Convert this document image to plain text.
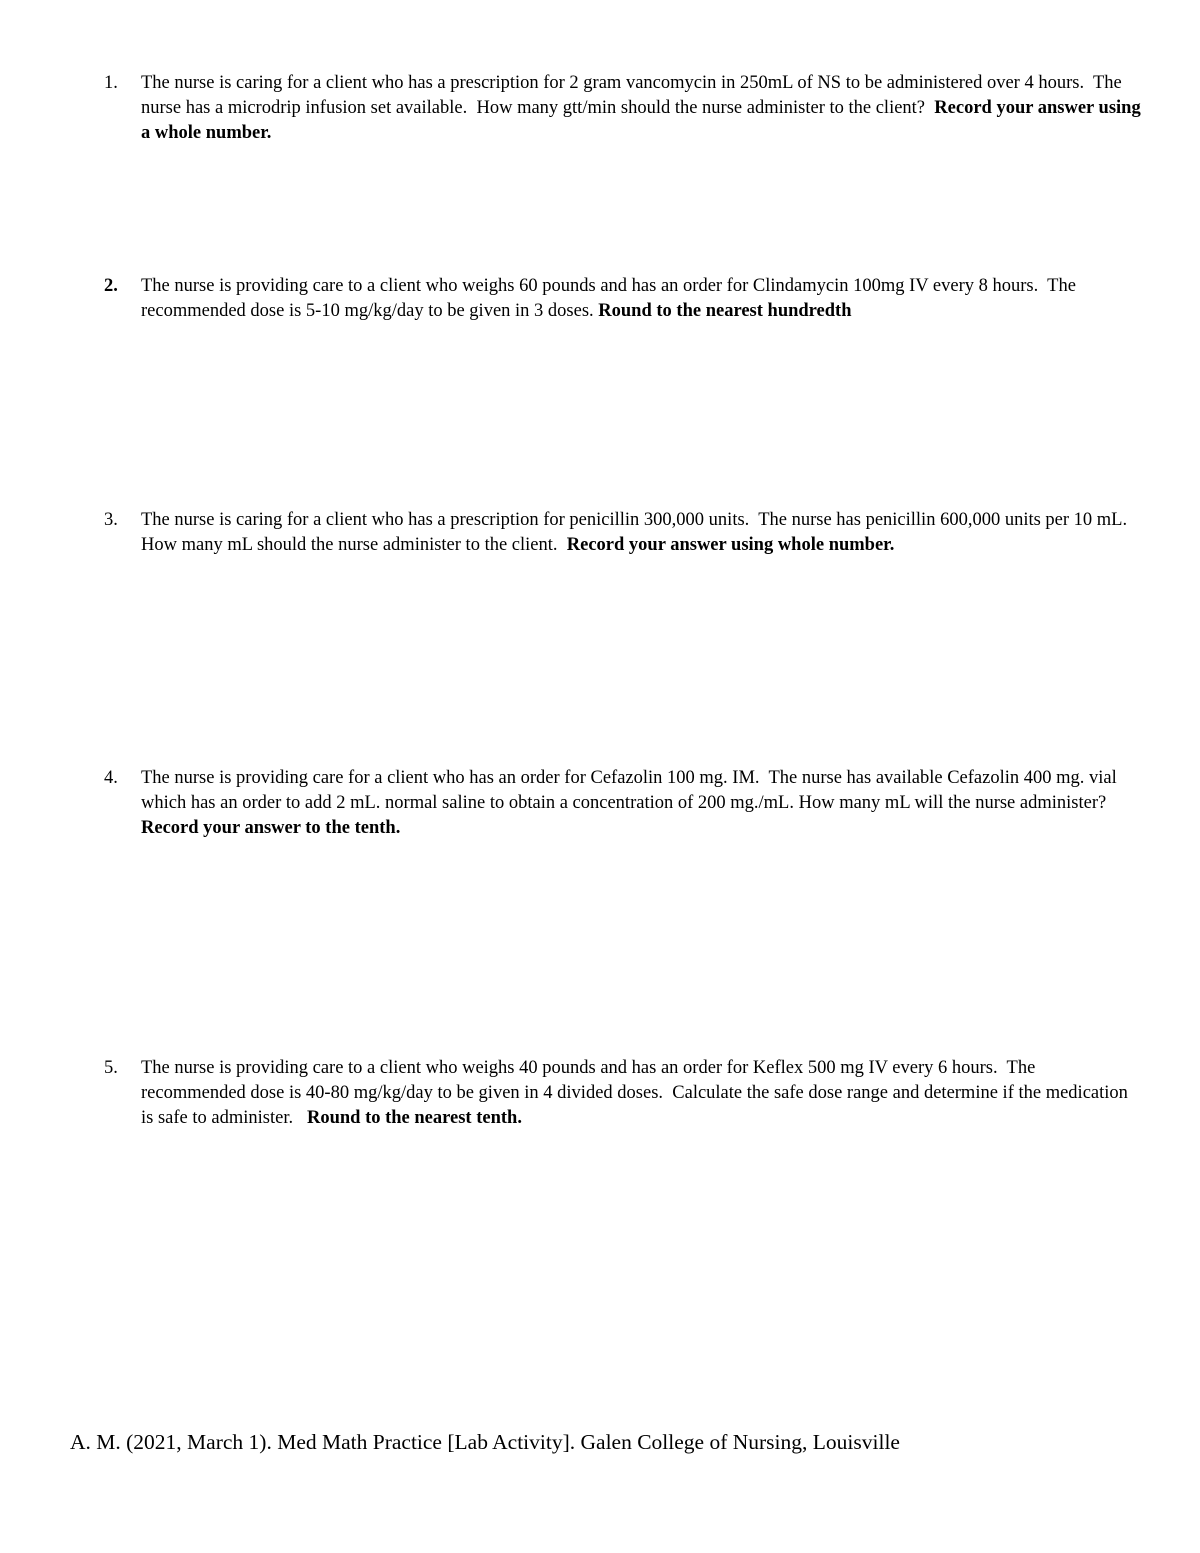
1.	The nurse is caring for a client who has a prescription for 2 gram vancomycin in 250mL of NS to be administered over 4 hours.  The nurse has a microdrip infusion set available.  How many gtt/min should the nurse administer to the client?  Record your answer using a whole number.
2.	The nurse is providing care to a client who weighs 60 pounds and has an order for Clindamycin 100mg IV every 8 hours.  The recommended dose is 5-10 mg/kg/day to be given in 3 doses. Round to the nearest hundredth
3.	The nurse is caring for a client who has a prescription for penicillin 300,000 units.  The nurse has penicillin 600,000 units per 10 mL.  How many mL should the nurse administer to the client.  Record your answer using whole number.
4.	The nurse is providing care for a client who has an order for Cefazolin 100 mg. IM.  The nurse has available Cefazolin 400 mg. vial which has an order to add 2 mL. normal saline to obtain a concentration of 200 mg./mL. How many mL will the nurse administer?  Record your answer to the tenth.
5.	The nurse is providing care to a client who weighs 40 pounds and has an order for Keflex 500 mg IV every 6 hours.  The recommended dose is 40-80 mg/kg/day to be given in 4 divided doses.  Calculate the safe dose range and determine if the medication is safe to administer.   Round to the nearest tenth.
A. M. (2021, March 1). Med Math Practice [Lab Activity]. Galen College of Nursing, Louisville
